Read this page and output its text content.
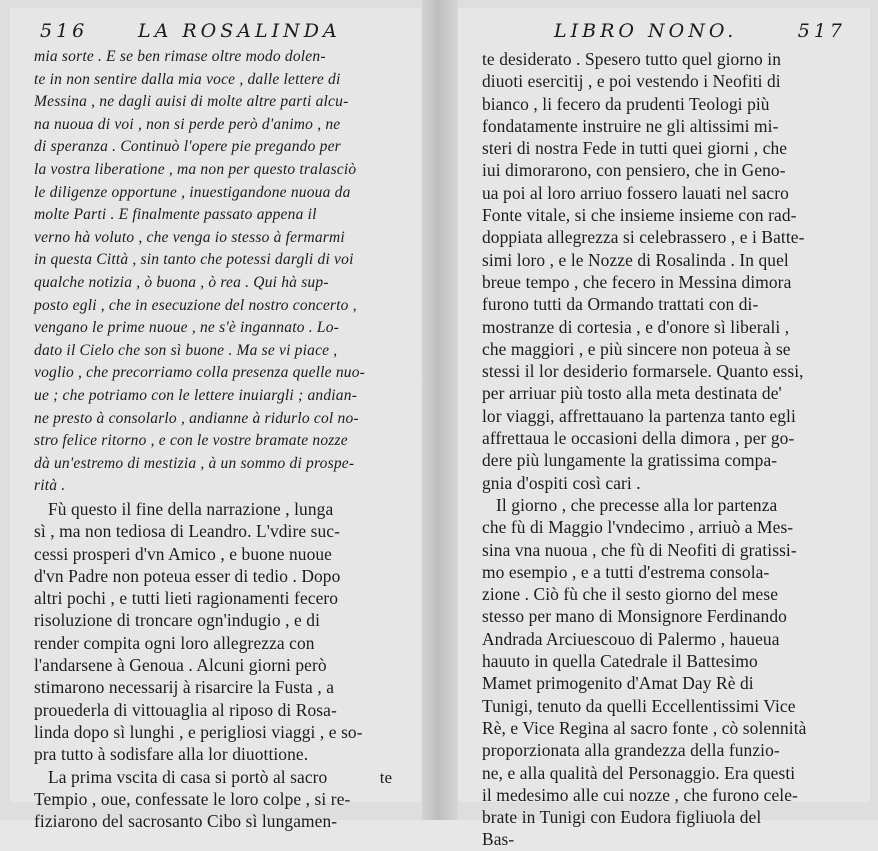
516	LA ROSALINDA
mia sorte . E se ben rimase oltre modo dolen-
te in non sentire dalla mia voce , dalle lettere di
Messina , ne dagli auisi di molte altre parti alcu-
na nuoua di voi , non si perde però d'animo , ne
di speranza . Continuò l'opere pie pregando per
la vostra liberatione , ma non per questo tralasciò
le diligenze opportune , inuestigandone nuoua da
molte Parti . E finalmente passato appena il
verno hà voluto , che venga io stesso à fermarmi
in questa Città , sin tanto che potessi dargli di voi
qualche notizia , ò buona , ò rea . Qui hà sup-
posto egli , che in esecuzione del nostro concerto ,
vengano le prime nuoue , ne s'è ingannato . Lo-
dato il Cielo che son sì buone . Ma se vi piace ,
voglio , che precorriamo colla presenza quelle nuo-
ue ; che potriamo con le lettere inuiargli ; andian-
ne presto à consolarlo , andianne à ridurlo col no-
stro felice ritorno , e con le vostre bramate nozze
dà un'estremo di mestizia , à un sommo di prospe-
rità .
Fù questo il fine della narrazione , lunga
sì , ma non tediosa di Leandro. L'vdire suc-
cessi prosperi d'vn Amico , e buone nuoue
d'vn Padre non poteua esser di tedio . Dopo
altri pochi , e tutti lieti ragionamenti fecero
risoluzione di troncare ogn'indugio , e di
render compita ogni loro allegrezza con
l'andarsene à Genoua . Alcuni giorni però
stimarono necessarij à risarcire la Fusta , a
prouederla di vittouaglia al riposo di Rosa-
linda dopo sì lunghi , e perigliosi viaggi , e so-
pra tutto à sodisfare alla lor diuottione.
La prima vscita di casa si portò al sacro
Tempio , oue, confessate le loro colpe , si re-
fiziarono del sacrosanto Cibo sì lungamen-
te
LIBRO NONO.	517
te desiderato . Spesero tutto quel giorno in
diuoti esercitij , e poi vestendo i Neofiti di
bianco , li fecero da prudenti Teologi più
fondatamente instruire ne gli altissimi mi-
steri di nostra Fede in tutti quei giorni , che
iui dimorarono, con pensiero, che in Geno-
ua poi al loro arriuo fossero lauati nel sacro
Fonte vitale, si che insieme insieme con rad-
doppiata allegrezza si celebrassero , e i Batte-
simi loro , e le Nozze di Rosalinda . In quel
breue tempo , che fecero in Messina dimora
furono tutti da Ormando trattati con di-
mostranze di cortesia , e d'onore sì liberali ,
che maggiori , e più sincere non poteua à se
stessi il lor desiderio formarsele. Quanto essi,
per arriuar più tosto alla meta destinata de'
lor viaggi, affrettauano la partenza tanto egli
affrettaua le occasioni della dimora , per go-
dere più lungamente la gratissima compa-
gnia d'ospiti così cari .
Il giorno , che precesse alla lor partenza
che fù di Maggio l'vndecimo , arriuò a Mes-
sina vna nuoua , che fù di Neofiti di gratissi-
mo esempio , e a tutti d'estrema consola-
zione . Ciò fù che il sesto giorno del mese
stesso per mano di Monsignore Ferdinando
Andrada Arciuescouo di Palermo , haueua
hauuto in quella Catedrale il Battesimo
Mamet primogenito d'Amat Day Rè di
Tunigi, tenuto da quelli Eccellentissimi Vice
Rè, e Vice Regina al sacro fonte , cò solennità
proporzionata alla grandezza della funzio-
ne, e alla qualità del Personaggio. Era questi
il medesimo alle cui nozze , che furono cele-
brate in Tunigi con Eudora figliuola del
Bas-
